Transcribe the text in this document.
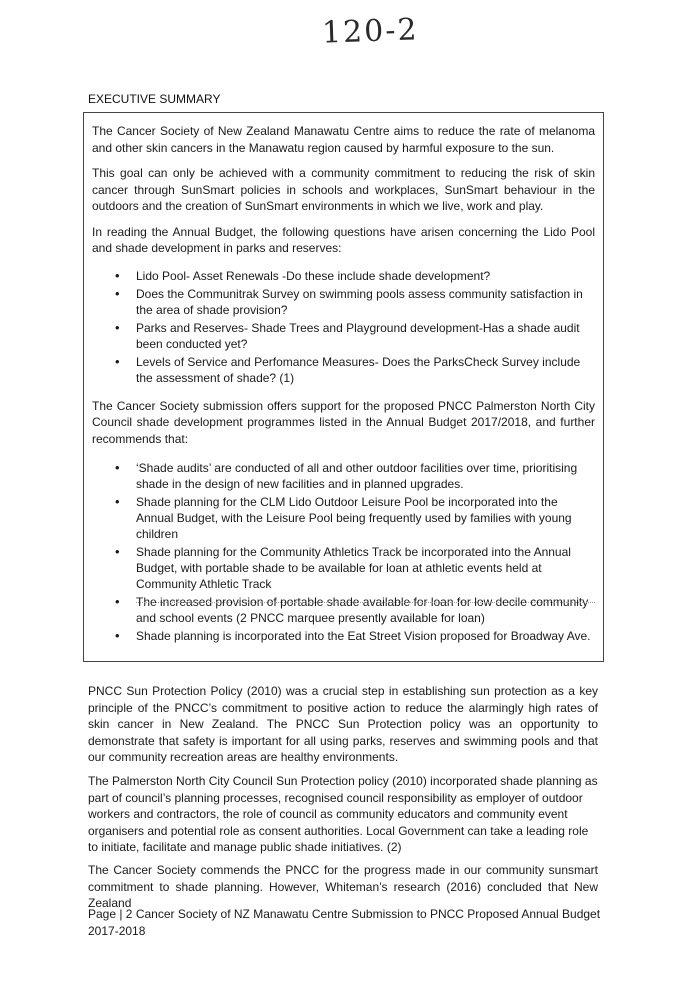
120-2
EXECUTIVE SUMMARY

The Cancer Society of New Zealand Manawatu Centre aims to reduce the rate of melanoma and other skin cancers in the Manawatu region caused by harmful exposure to the sun.

This goal can only be achieved with a community commitment to reducing the risk of skin cancer through SunSmart policies in schools and workplaces, SunSmart behaviour in the outdoors and the creation of SunSmart environments in which we live, work and play.

In reading the Annual Budget, the following questions have arisen concerning the Lido Pool and shade development in parks and reserves:

• Lido Pool- Asset Renewals -Do these include shade development?
• Does the Communitrak Survey on swimming pools assess community satisfaction in the area of shade provision?
• Parks and Reserves- Shade Trees and Playground development-Has a shade audit been conducted yet?
• Levels of Service and Perfomance Measures- Does the ParksCheck Survey include the assessment of shade? (1)

The Cancer Society submission offers support for the proposed PNCC Palmerston North City Council shade development programmes listed in the Annual Budget 2017/2018, and further recommends that:

• ‘Shade audits’ are conducted of all and other outdoor facilities over time, prioritising shade in the design of new facilities and in planned upgrades.
• Shade planning for the CLM Lido Outdoor Leisure Pool be incorporated into the Annual Budget, with the Leisure Pool being frequently used by families with young children
• Shade planning for the Community Athletics Track be incorporated into the Annual Budget, with portable shade to be available for loan at athletic events held at Community Athletic Track
• The increased provision of portable shade available for loan for low decile community and school events (2 PNCC marquee presently available for loan)
• Shade planning is incorporated into the Eat Street Vision proposed for Broadway Ave.

PNCC Sun Protection Policy (2010) was a crucial step in establishing sun protection as a key principle of the PNCC’s commitment to positive action to reduce the alarmingly high rates of skin cancer in New Zealand. The PNCC Sun Protection policy was an opportunity to demonstrate that safety is important for all using parks, reserves and swimming pools and that our community recreation areas are healthy environments.

The Palmerston North City Council Sun Protection policy (2010) incorporated shade planning as part of council’s planning processes, recognised council responsibility as employer of outdoor workers and contractors, the role of council as community educators and community event organisers and potential role as consent authorities. Local Government can take a leading role to initiate, facilitate and manage public shade initiatives. (2)

The Cancer Society commends the PNCC for the progress made in our community sunsmart commitment to shade planning. However, Whiteman’s research (2016) concluded that New Zealand

Page | 2 Cancer Society of NZ Manawatu Centre Submission to PNCC Proposed Annual Budget 2017-2018
